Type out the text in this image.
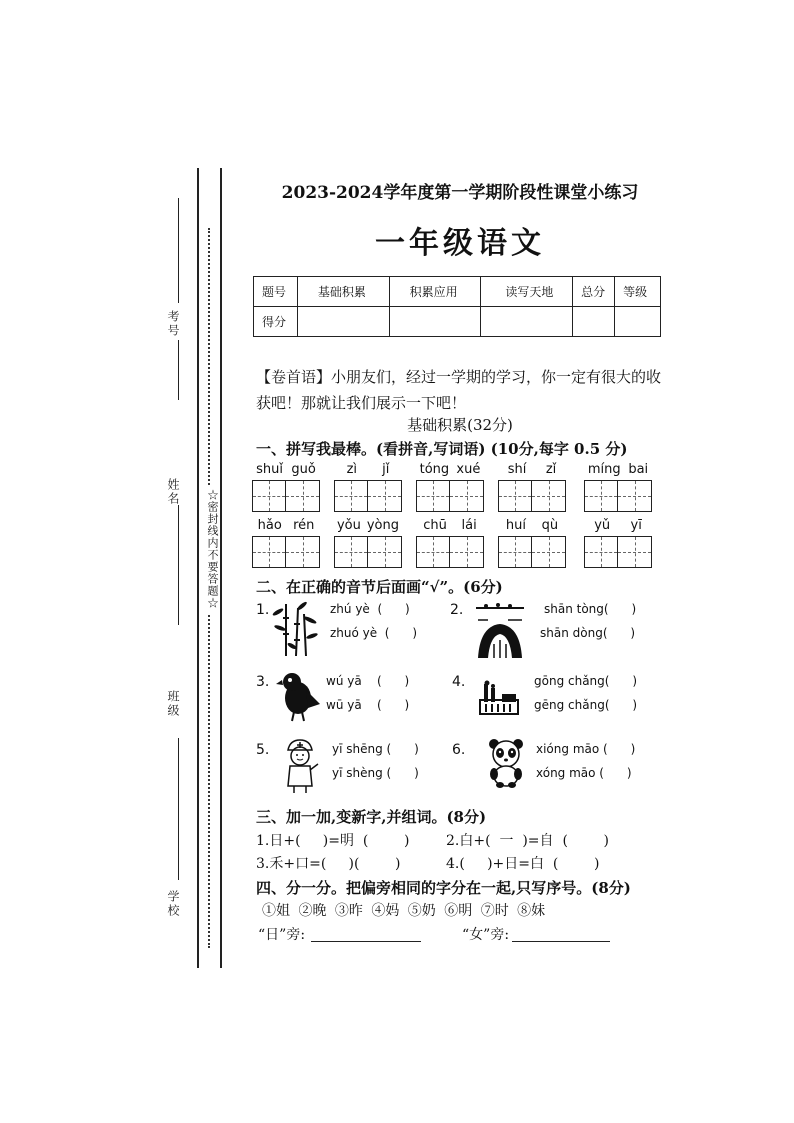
考号
姓名
班级
学校
☆密封线内不要答题☆
2023-2024学年度第一学期阶段性课堂小练习
一年级语文
题号	基础积累	积累应用	读写天地	总分	等级
得分					
【卷首语】小朋友们，经过一学期的学习，你一定有很大的收获吧！那就让我们展示一下吧！
基础积累(32分)
一、拼写我最棒。(看拼音,写词语) (10分,每字 0.5 分)
shuǐ guǒ zì jǐ tóng xué shí zǐ míng bai
hǎo rén yǒu yòng chū lái huí qù	yǔ yī
二、在正确的音节后面画“√”。(6分)
1.	zhú yè  (      )
zhuó yè  (      )
2.	shān tòng(      )
shān dòng(      )
3.	wú yā    (      )
wū yā    (      )
4.	gōng chǎng(      )
gēng chǎng(      )
5.	yī shēng (      )
yī shèng (      )
6.	xióng māo (      )
xóng māo (      )
三、加一加,变新字,并组词。(8分)
1.日+(     )=明  (        )	2.白+(  一  )=自  (        )
3.禾+口=(     )(        )	4.(     )+日=白  (        )
四、分一分。把偏旁相同的字分在一起,只写序号。(8分)
①姐 ②晚 ③昨 ④妈 ⑤奶 ⑥明 ⑦时 ⑧妹
“日”旁:	“女”旁:
